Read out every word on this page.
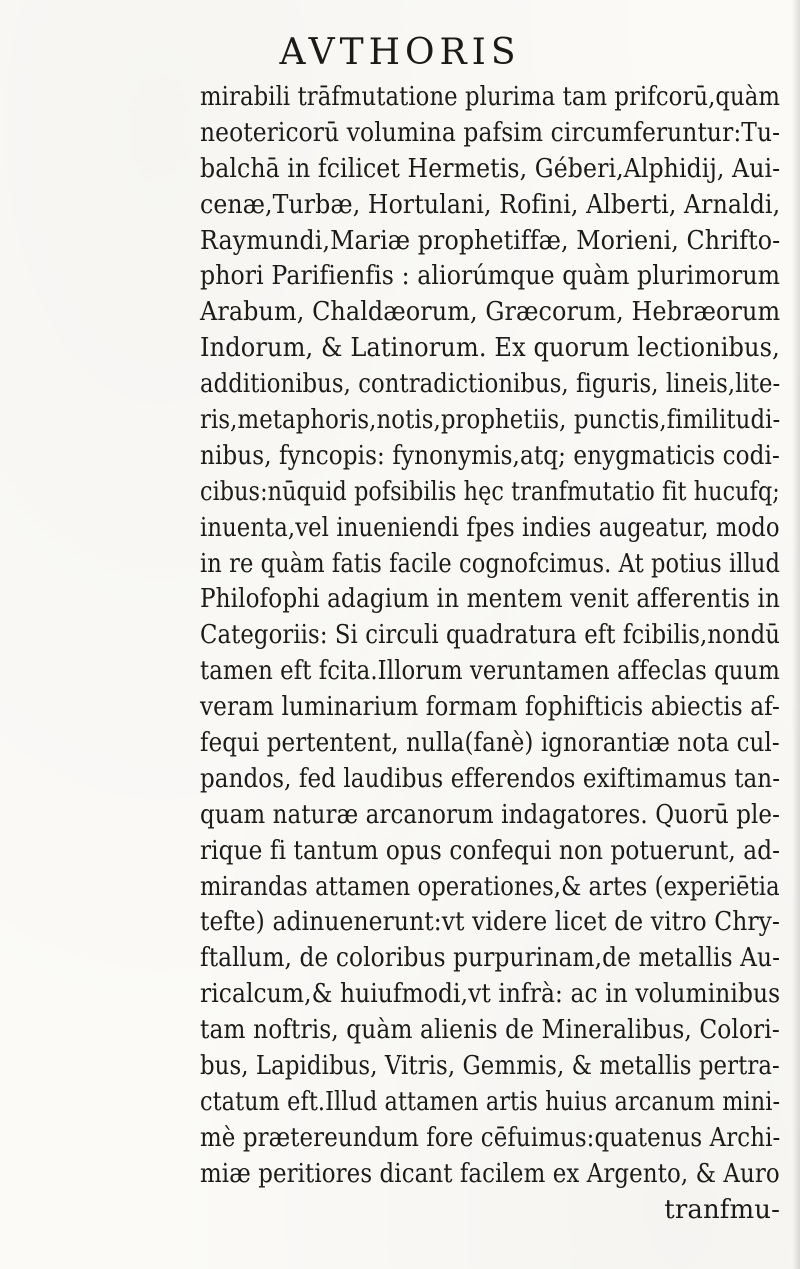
AVTHORIS
mirabili trāfmutatione plurima tam prifcorū,quàm
neotericorū volumina pafsim circumferuntur:Tu-
balchā in fcilicet Hermetis, Géberi,Alphidij, Aui-
cenæ,Turbæ, Hortulani, Rofini, Alberti, Arnaldi,
Raymundi,Mariæ prophetiffæ, Morieni, Chrifto-
phori Parifienfis : aliorúmque quàm plurimorum
Arabum, Chaldæorum, Græcorum, Hebræorum
Indorum, & Latinorum. Ex quorum lectionibus,
additionibus, contradictionibus, figuris, lineis,lite-
ris,metaphoris,notis,prophetiis, punctis,fimilitudi-
nibus, fyncopis: fynonymis,atq; enygmaticis codi-
cibus:nūquid pofsibilis hęc tranfmutatio fit hucufq;
inuenta,vel inueniendi fpes indies augeatur, modo
in re quàm fatis facile cognofcimus. At potius illud
Philofophi adagium in mentem venit afferentis in
Categoriis: Si circuli quadratura eft fcibilis,nondū
tamen eft fcita.Illorum veruntamen affeclas quum
veram luminarium formam fophifticis abiectis af-
fequi pertentent, nulla(fanè) ignorantiæ nota cul-
pandos, fed laudibus efferendos exiftimamus tan-
quam naturæ arcanorum indagatores. Quorū ple-
rique fi tantum opus confequi non potuerunt, ad-
mirandas attamen operationes,& artes (experiētia
tefte) adinuenerunt:vt videre licet de vitro Chry-
ftallum, de coloribus purpurinam,de metallis Au-
ricalcum,& huiufmodi,vt infrà: ac in voluminibus
tam noftris, quàm alienis de Mineralibus, Colori-
bus, Lapidibus, Vitris, Gemmis, & metallis pertra-
ctatum eft.Illud attamen artis huius arcanum mini-
mè prætereundum fore cēfuimus:quatenus Archi-
miæ peritiores dicant facilem ex Argento, & Auro
tranfmu-
